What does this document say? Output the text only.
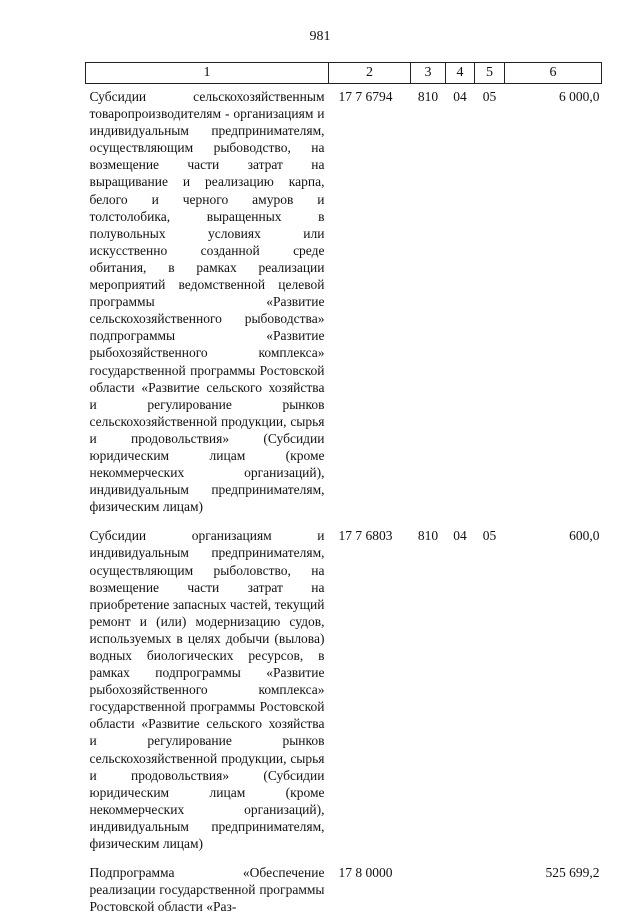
981
1	2	3	4	5	6
Субсидии сельскохозяйственным товаропроизводителям - организациям и индивидуальным предпринимателям, осуществляющим рыбоводство, на возмещение части затрат на выращивание и реализацию карпа, белого и черного амуров и толстолобика, выращенных в полувольных условиях или искусственно созданной среде обитания, в рамках реализации мероприятий ведомственной целевой программы «Развитие сельскохозяйственного рыбоводства» подпрограммы «Развитие рыбохозяйственного комплекса» государственной программы Ростовской области «Развитие сельского хозяйства и регулирование рынков сельскохозяйственной продукции, сырья и продовольствия» (Субсидии юридическим лицам (кроме некоммерческих организаций), индивидуальным предпринимателям, физическим лицам)	17 7 6794	810	04	05	6 000,0
Субсидии организациям и индивидуальным предпринимателям, осуществляющим рыболовство, на возмещение части затрат на приобретение запасных частей, текущий ремонт и (или) модернизацию судов, используемых в целях добычи (вылова) водных биологических ресурсов, в рамках подпрограммы «Развитие рыбохозяйственного комплекса» государственной программы Ростовской области «Развитие сельского хозяйства и регулирование рынков сельскохозяйственной продукции, сырья и продовольствия» (Субсидии юридическим лицам (кроме некоммерческих организаций), индивидуальным предпринимателям, физическим лицам)	17 7 6803	810	04	05	600,0
Подпрограмма «Обеспечение реализации государственной программы Ростовской области «Раз-	17 8 0000				525 699,2
